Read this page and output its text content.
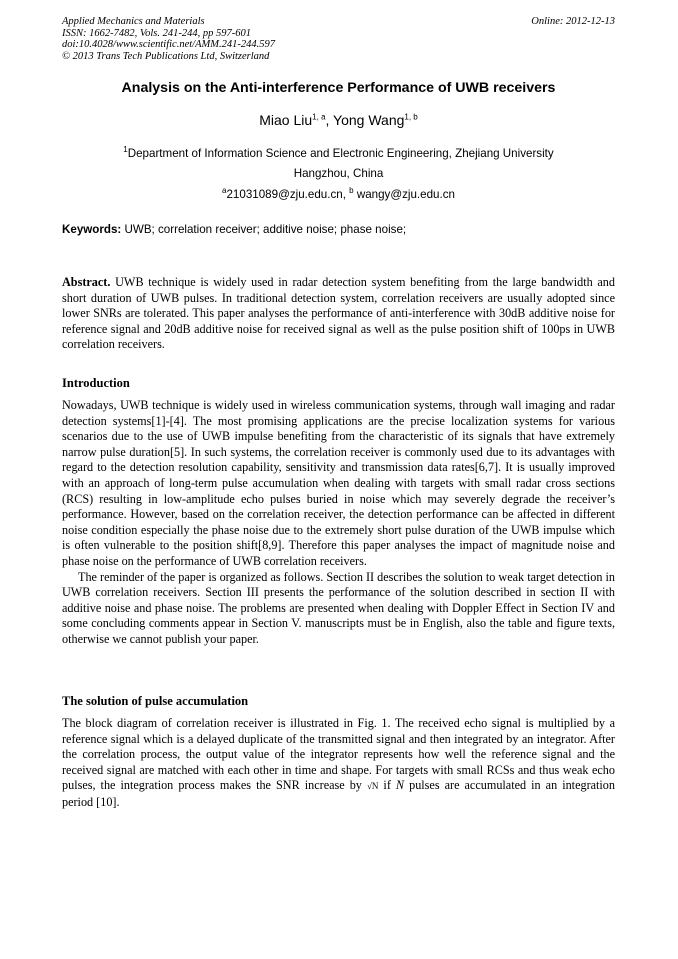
Applied Mechanics and Materials
ISSN: 1662-7482, Vols. 241-244, pp 597-601
doi:10.4028/www.scientific.net/AMM.241-244.597
© 2013 Trans Tech Publications Ltd, Switzerland
Online: 2012-12-13
Analysis on the Anti-interference Performance of UWB receivers
Miao Liu$^{1, a}$, Yong Wang$^{1, b}$
$^1$Department of Information Science and Electronic Engineering, Zhejiang University
Hangzhou, China
$^a$21031089@zju.edu.cn, $^b$ wangy@zju.edu.cn
Keywords: UWB; correlation receiver; additive noise; phase noise;

Abstract. UWB technique is widely used in radar detection system benefiting from the large bandwidth and short duration of UWB pulses. In traditional detection system, correlation receivers are usually adopted since lower SNRs are tolerated. This paper analyses the performance of anti-interference with 30dB additive noise for reference signal and 20dB additive noise for received signal as well as the pulse position shift of 100ps in UWB correlation receivers.

Introduction

Nowadays, UWB technique is widely used in wireless communication systems, through wall imaging and radar detection systems[1]-[4]. The most promising applications are the precise localization systems for various scenarios due to the use of UWB impulse benefiting from the characteristic of its signals that have extremely narrow pulse duration[5]. In such systems, the correlation receiver is commonly used due to its advantages with regard to the detection resolution capability, sensitivity and transmission data rates[6,7]. It is usually improved with an approach of long-term pulse accumulation when dealing with targets with small radar cross sections (RCS) resulting in low-amplitude echo pulses buried in noise which may severely degrade the receiver’s performance. However, based on the correlation receiver, the detection performance can be affected in different noise condition especially the phase noise due to the extremely short pulse duration of the UWB impulse which is often vulnerable to the position shift[8,9]. Therefore this paper analyses the impact of magnitude noise and phase noise on the performance of UWB correlation receivers.

The reminder of the paper is organized as follows. Section II describes the solution to weak target detection in UWB correlation receivers. Section III presents the performance of the solution described in section II with additive noise and phase noise. The problems are presented when dealing with Doppler Effect in Section IV and some concluding comments appear in Section V. manuscripts must be in English, also the table and figure texts, otherwise we cannot publish your paper.

The solution of pulse accumulation

The block diagram of correlation receiver is illustrated in Fig. 1. The received echo signal is multiplied by a reference signal which is a delayed duplicate of the transmitted signal and then integrated by an integrator. After the correlation process, the output value of the integrator represents how well the reference signal and the received signal are matched with each other in time and shape. For targets with small RCSs and thus weak echo pulses, the integration process makes the SNR increase by √N if N pulses are accumulated in an integration period [10].
